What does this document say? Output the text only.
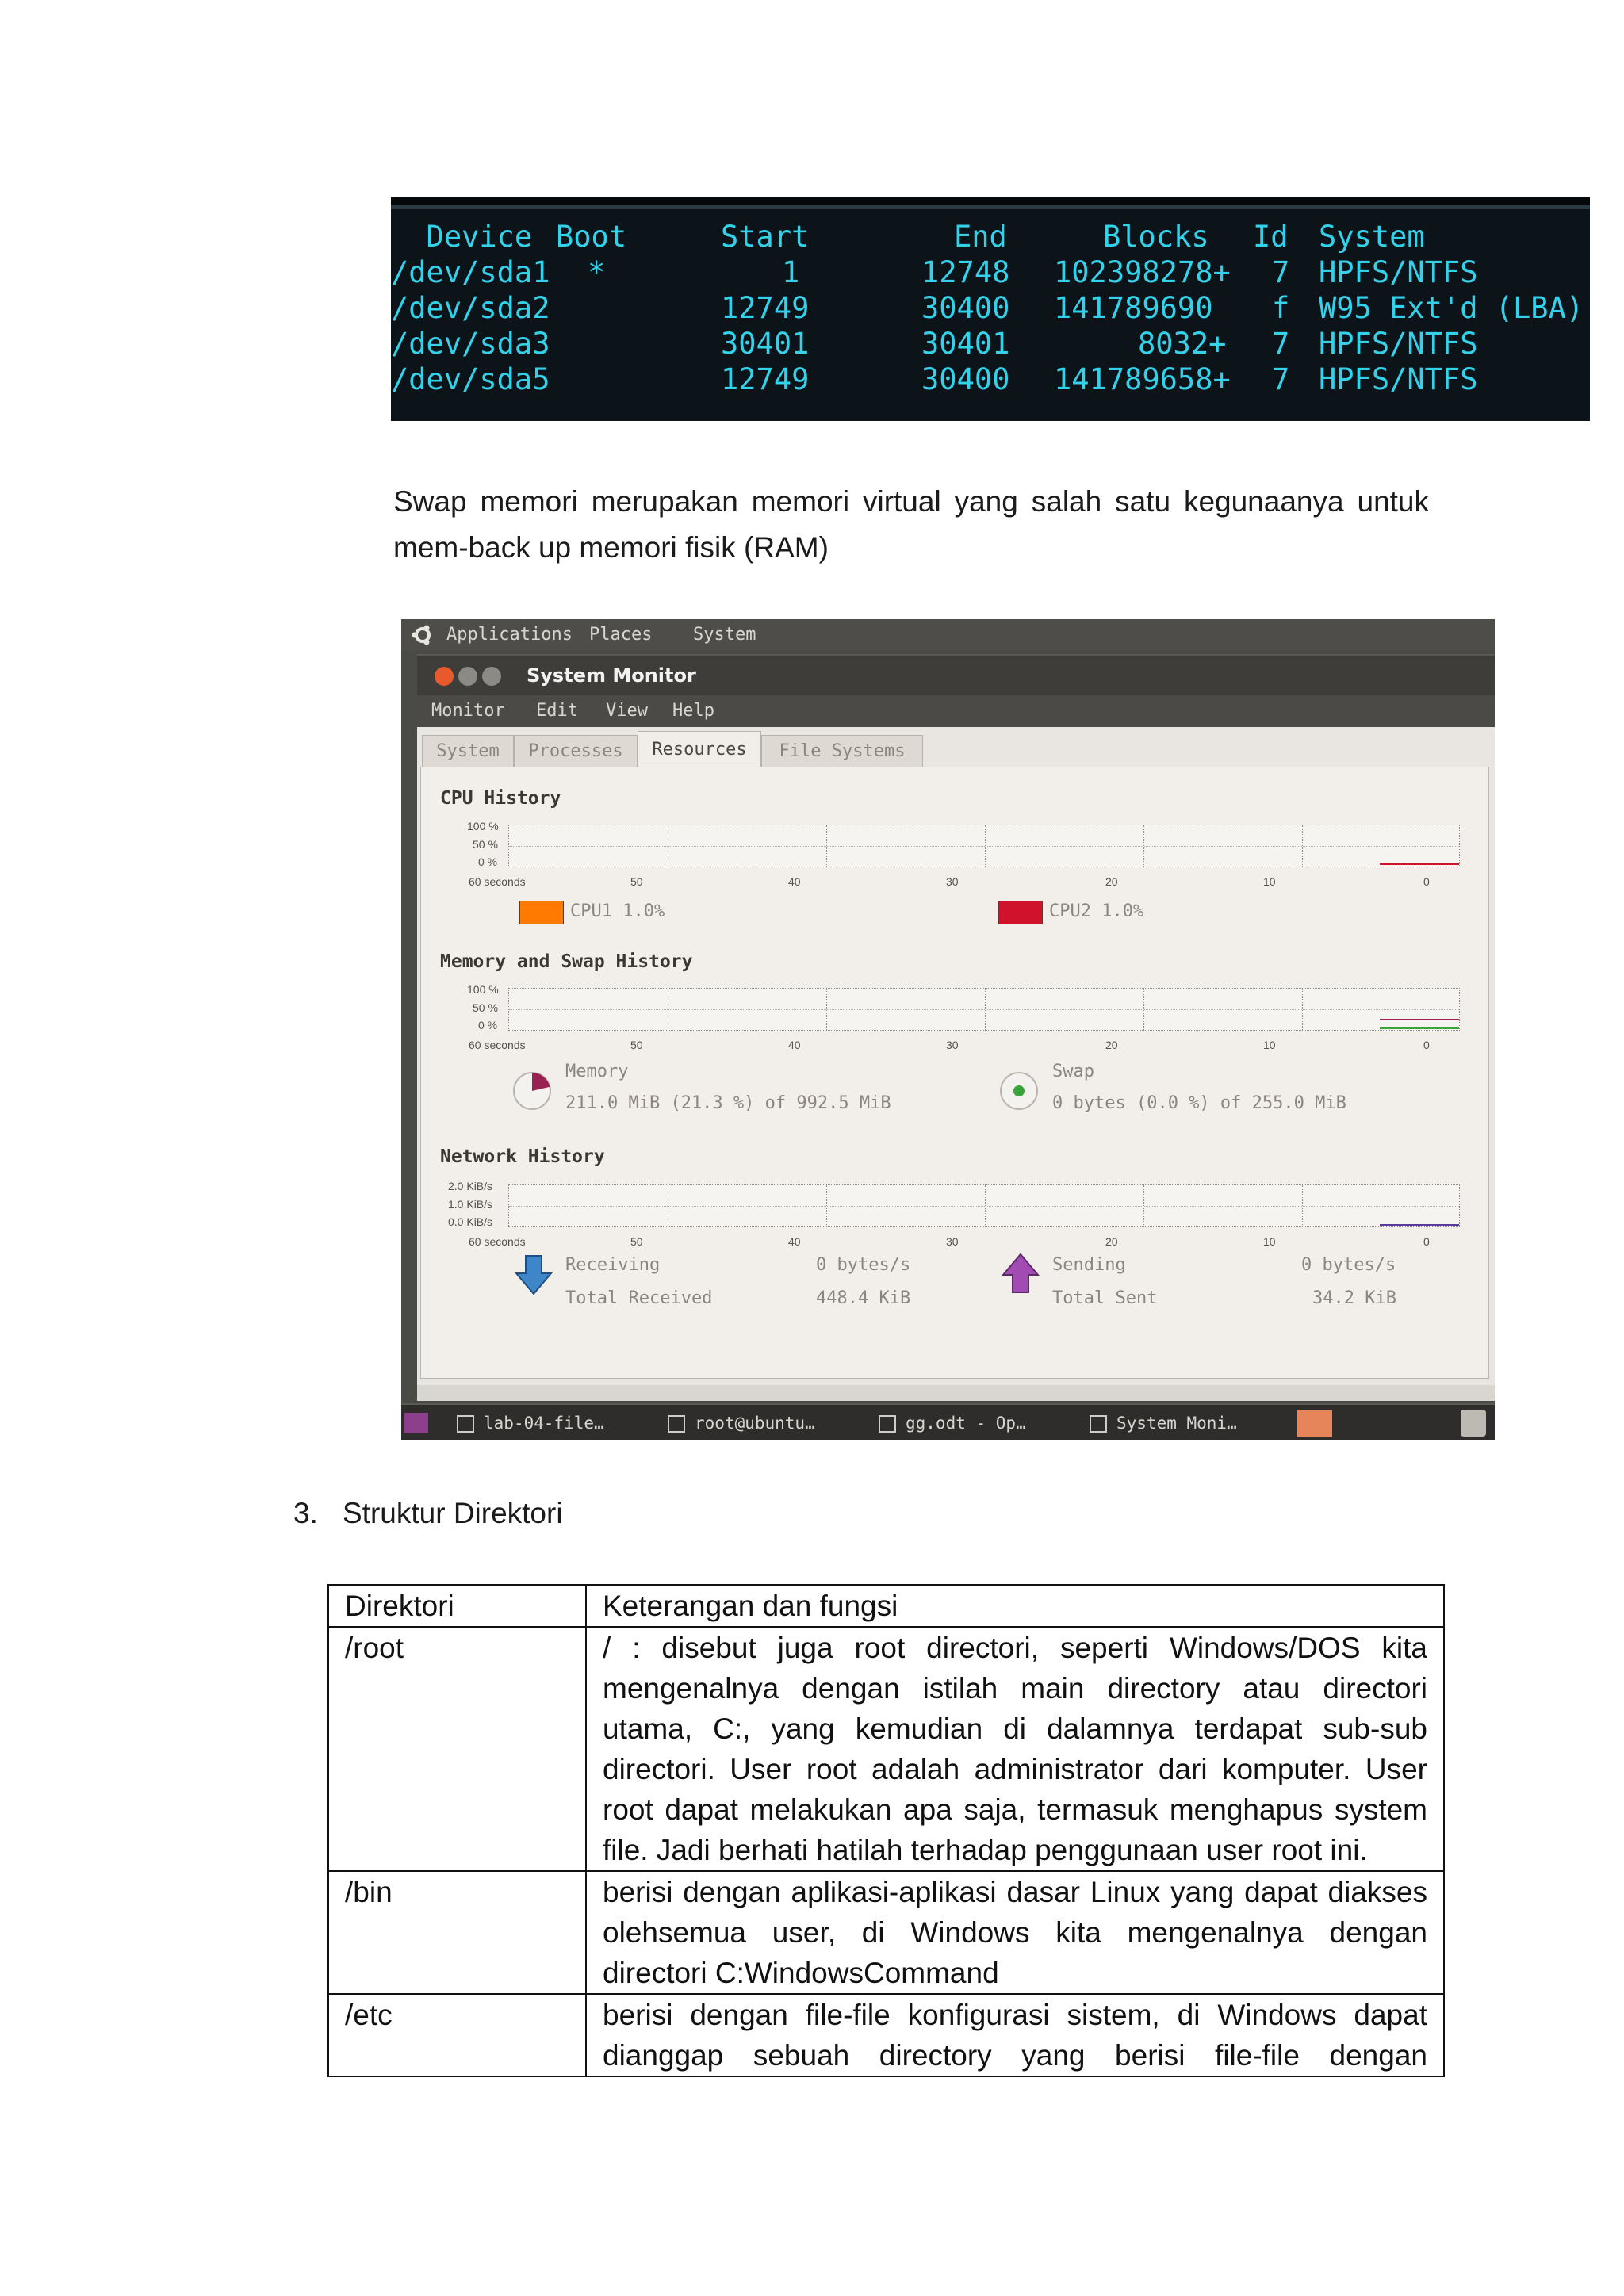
Device Boot	Start	End	Blocks Id System
/dev/sda1 *	1	12748 102398278+ 7 HPFS/NTFS
/dev/sda2	12749	30400 141789690 f W95 Ext'd (LBA)
/dev/sda3	30401	30401	8032+ 7 HPFS/NTFS
/dev/sda5	12749	30400 141789658+ 7 HPFS/NTFS
Swap memori merupakan memori virtual yang salah satu kegunaanya untuk
mem-back up memori fisik (RAM)
Applications Places System
System Monitor
Monitor Edit View Help
System	Processes	Resources	File Systems
CPU History
100 %
50 %
0 %
CPU1 1.0%	CPU2 1.0%
Memory and Swap History
100 %
50 %
0 %
Memory
211.0 MiB (21.3 %) of 992.5 MiB
Swap
0 bytes (0.0 %) of 255.0 MiB
Network History
2.0 KiB/s
1.0 KiB/s
0.0 KiB/s
Receiving	0 bytes/s
Total Received	448.4 KiB
Sending	0 bytes/s
Total Sent	34.2 KiB
60 seconds	50	40	30	20	10	0
60 seconds	50	40	30	20	10	0
60 seconds	50	40	30	20	10	0
lab-04-file…	root@ubuntu…	gg.odt - Op…	System Moni…
3. Struktur Direktori
Direktori	Keterangan dan fungsi
/root	/ : disebut juga root directori, seperti Windows/DOS kita mengenalnya dengan istilah main directory atau directori utama, C:, yang kemudian di dalamnya terdapat sub-sub directori. User root adalah administrator dari komputer. User root dapat melakukan apa saja, termasuk menghapus system file. Jadi berhati hatilah terhadap penggunaan user root ini.
/bin	berisi dengan aplikasi-aplikasi dasar Linux yang dapat diakses olehsemua user, di Windows kita mengenalnya dengan directori C:WindowsCommand
/etc	berisi dengan file-file konfigurasi sistem, di Windows dapat dianggap sebuah directory yang berisi file-file dengan
